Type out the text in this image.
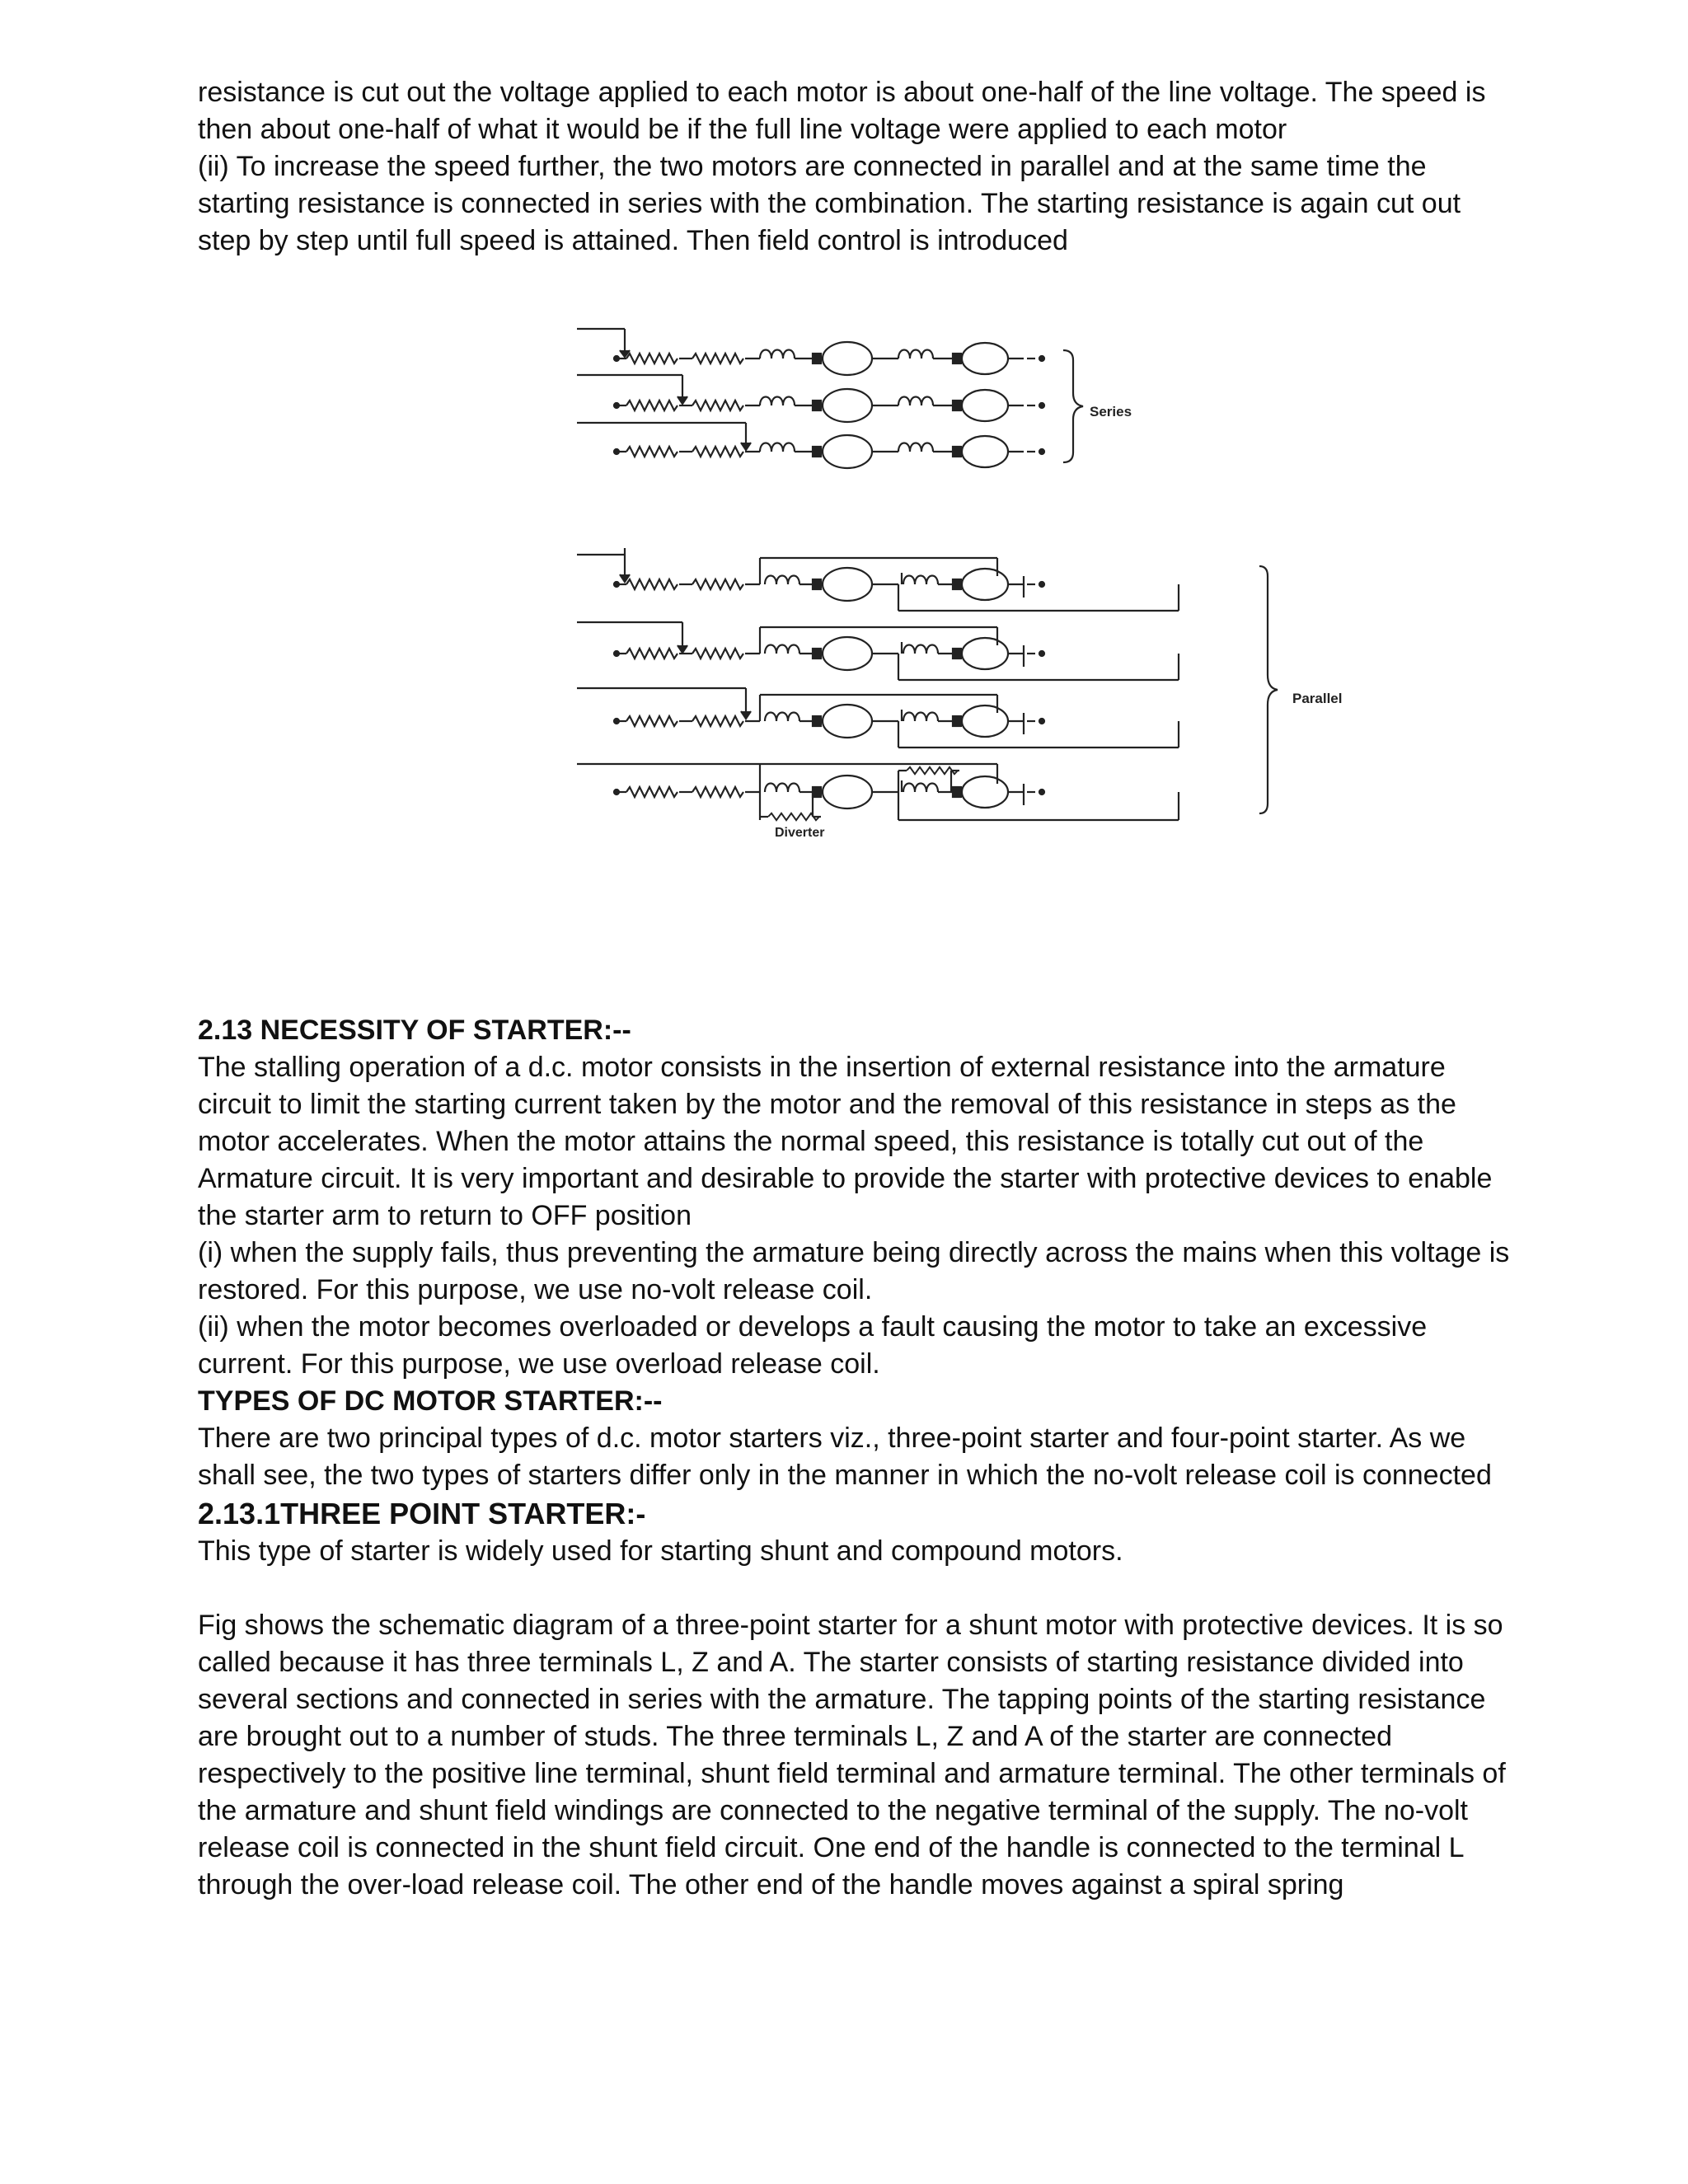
resistance is cut out the voltage applied to each motor is about one-half of the line voltage. The speed is then about one-half of what it would be if the full line voltage were applied to each motor

(ii) To increase the speed further, the two motors are connected in parallel and at the same time the starting resistance is connected in series with the combination. The starting resistance is again cut out step by step until full speed is attained. Then field control is introduced

Series
Diverter
Parallel

2.13 NECESSITY OF STARTER:--

The stalling operation of a d.c. motor consists in the insertion of external resistance into the armature circuit to limit the starting current taken by the motor and the removal of this resistance in steps as the motor accelerates. When the motor attains the normal speed, this resistance is totally cut out of the Armature circuit. It is very important and desirable to provide the starter with protective devices to enable the starter arm to return to OFF position

(i) when the supply fails, thus preventing the armature being directly across the mains when this voltage is restored. For this purpose, we use no-volt release coil.

(ii) when the motor becomes overloaded or develops a fault causing the motor to take an excessive current. For this purpose, we use overload release coil.

TYPES OF DC MOTOR STARTER:--

There are two principal types of d.c. motor starters viz., three-point starter and four-point starter. As we shall see, the two types of starters differ only in the manner in which the no-volt release coil is connected

2.13.1THREE POINT STARTER:-

This type of starter is widely used for starting shunt and compound motors.

Fig shows the schematic diagram of a three-point starter for a shunt motor with protective devices. It is so called because it has three terminals L, Z and A. The starter consists of starting resistance divided into several sections and connected in series with the armature. The tapping points of the starting resistance are brought out to a number of studs. The three terminals L, Z and A of the starter are connected respectively to the positive line terminal, shunt field terminal and armature terminal. The other terminals of the armature and shunt field windings are connected to the negative terminal of the supply. The no-volt release coil is connected in the shunt field circuit. One end of the handle is connected to the terminal L through the over-load release coil. The other end of the handle moves against a spiral spring
